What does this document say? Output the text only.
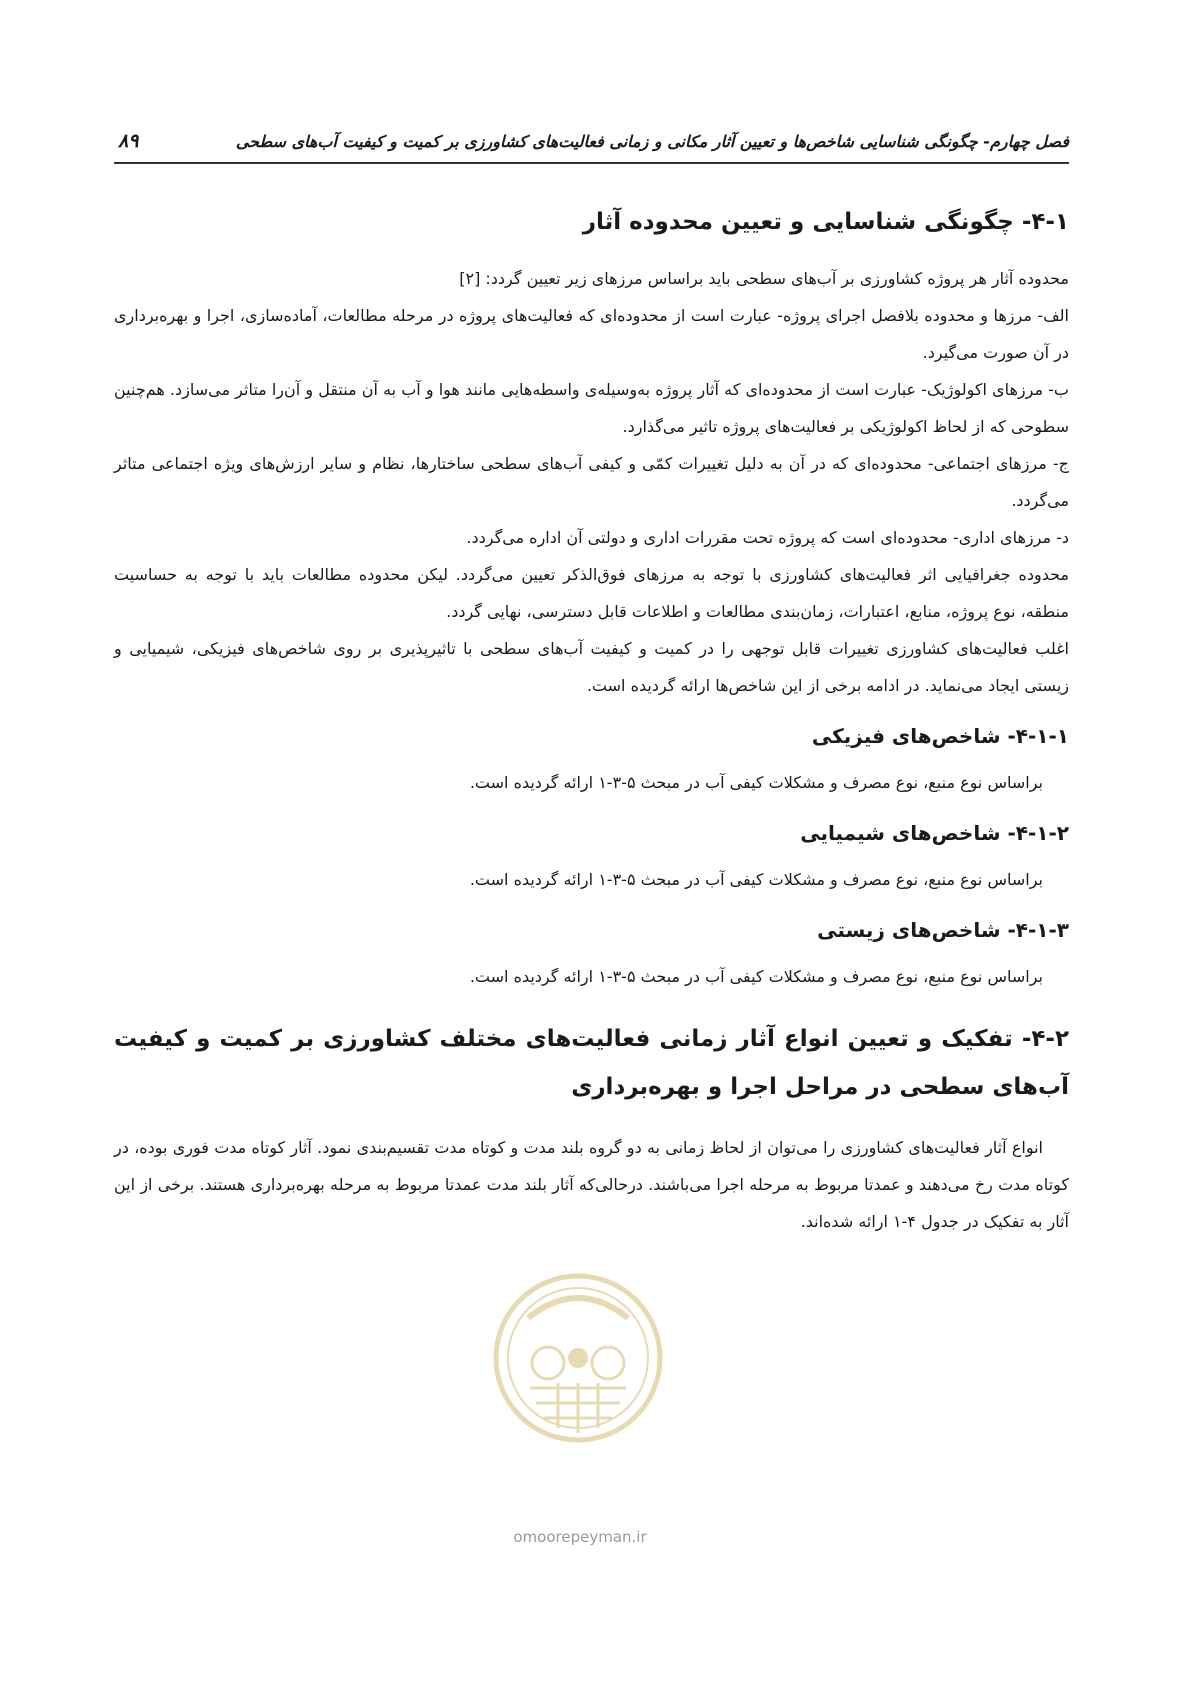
فصل چهارم- چگونگی شناسایی شاخص‌ها و تعیین آثار مکانی و زمانی فعالیت‌های کشاورزی بر کمیت و کیفیت آب‌های سطحی
۸۹
۴-۱- چگونگی شناسایی و تعیین محدوده آثار

محدوده آثار هر پروژه کشاورزی بر آب‌های سطحی باید براساس مرزهای زیر تعیین گردد: [۲]

الف- مرزها و محدوده بلافصل اجرای پروژه- عبارت است از محدوده‌ای که فعالیت‌های پروژه در مرحله مطالعات، آماده‌سازی، اجرا و بهره‌برداری در آن صورت می‌گیرد.

ب- مرزهای اکولوژیک- عبارت است از محدوده‌ای که آثار پروژه به‌وسیله‌ی واسطه‌هایی مانند هوا و آب به آن منتقل و آن‌را متاثر می‌سازد. هم‌چنین سطوحی که از لحاظ اکولوژیکی بر فعالیت‌های پروژه تاثیر می‌گذارد.

ج- مرزهای اجتماعی- محدوده‌ای که در آن به دلیل تغییرات کمّی و کیفی آب‌های سطحی ساختارها، نظام و سایر ارزش‌های ویژه اجتماعی متاثر می‌گردد.

د- مرزهای اداری- محدوده‌ای است که پروژه تحت مقررات اداری و دولتی آن اداره می‌گردد.

محدوده جغرافیایی اثر فعالیت‌های کشاورزی با توجه به مرزهای فوق‌الذکر تعیین می‌گردد. لیکن محدوده مطالعات باید با توجه به حساسیت منطقه، نوع پروژه، منابع، اعتبارات، زمان‌بندی مطالعات و اطلاعات قابل دسترسی، نهایی گردد.

اغلب فعالیت‌های کشاورزی تغییرات قابل توجهی را در کمیت و کیفیت آب‌های سطحی با تاثیرپذیری بر روی شاخص‌های فیزیکی، شیمیایی و زیستی ایجاد می‌نماید. در ادامه برخی از این شاخص‌ها ارائه گردیده است.

۴-۱-۱- شاخص‌های فیزیکی

براساس نوع منبع، نوع مصرف و مشکلات کیفی آب در مبحث ۵-۳-۱ ارائه گردیده است.

۴-۱-۲- شاخص‌های شیمیایی

براساس نوع منبع، نوع مصرف و مشکلات کیفی آب در مبحث ۵-۳-۱ ارائه گردیده است.

۴-۱-۳- شاخص‌های زیستی

براساس نوع منبع، نوع مصرف و مشکلات کیفی آب در مبحث ۵-۳-۱ ارائه گردیده است.

۴-۲- تفکیک و تعیین انواع آثار زمانی فعالیت‌های مختلف کشاورزی بر کمیت و کیفیت آب‌های سطحی در مراحل اجرا و بهره‌برداری

انواع آثار فعالیت‌های کشاورزی را می‌توان از لحاظ زمانی به دو گروه بلند مدت و کوتاه مدت تقسیم‌بندی نمود. آثار کوتاه مدت فوری بوده، در کوتاه مدت رخ می‌دهند و عمدتا مربوط به مرحله اجرا می‌باشند. درحالی‌که آثار بلند مدت عمدتا مربوط به مرحله بهره‌برداری هستند. برخی از این آثار به تفکیک در جدول ۴-۱ ارائه شده‌اند.

omoorepeyman.ir
